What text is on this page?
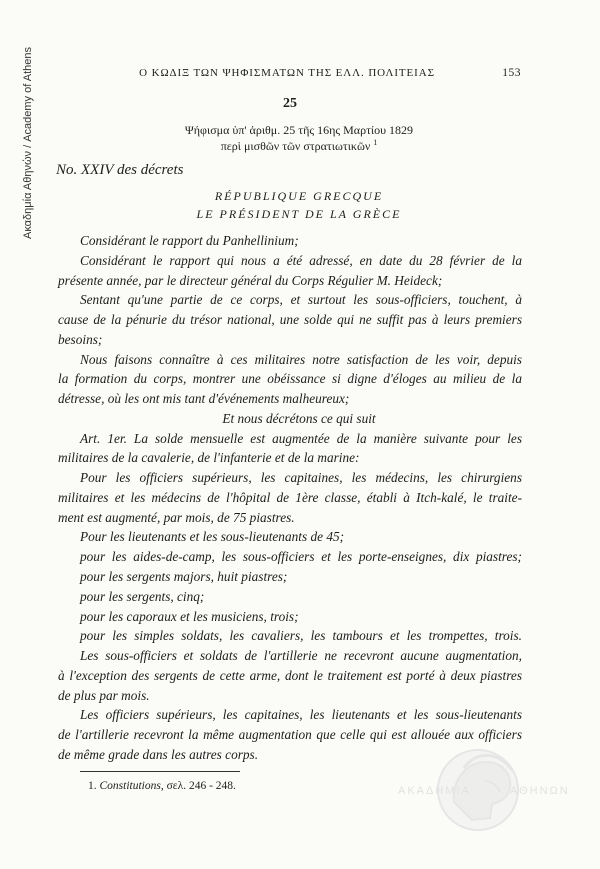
Ακαδημία Αθηνών / Academy of Athens	Ο ΚΩΔΙΞ ΤΩΝ ΨΗΦΙΣΜΑΤΩΝ ΤΗΣ ΕΛΛ. ΠΟΛΙΤΕΙΑΣ	153
25
Ψήφισμα ὑπ' ἀριθμ. 25 τῆς 16ης Μαρτίου 1829
περὶ μισθῶν τῶν στρατιωτικῶν $^1$
No. XXIV des décrets
RÉPUBLIQUE GRECQUE
LE PRÉSIDENT DE LA GRÈCE
Considérant le rapport du Panhellinium;
Considérant le rapport qui nous a été adressé, en date du 28 février de la
présente année, par le directeur général du Corps Régulier M. Heideck;
Sentant qu'une partie de ce corps, et surtout les sous-officiers, touchent, à
cause de la pénurie du trésor national, une solde qui ne suffit pas à leurs premiers
besoins;
Nous faisons connaître à ces militaires notre satisfaction de les voir, depuis
la formation du corps, montrer une obéissance si digne d'éloges au milieu de la
détresse, où les ont mis tant d'événements malheureux;
Et nous décrétons ce qui suit
Art. 1er. La solde mensuelle est augmentée de la manière suivante pour les
militaires de la cavalerie, de l'infanterie et de la marine:
Pour les officiers supérieurs, les capitaines, les médecins, les chirurgiens
militaires et les médecins de l'hôpital de 1ère classe, établi à Itch-kalé, le traite-
ment est augmenté, par mois, de 75 piastres.
Pour les lieutenants et les sous-lieutenants de 45;
pour les aides-de-camp, les sous-officiers et les porte-enseignes, dix piastres;
pour les sergents majors, huit piastres;
pour les sergents, cinq;
pour les caporaux et les musiciens, trois;
pour les simples soldats, les cavaliers, les tambours et les trompettes, trois.
Les sous-officiers et soldats de l'artillerie ne recevront aucune augmentation,
à l'exception des sergents de cette arme, dont le traitement est porté à deux piastres
de plus par mois.
Les officiers supérieurs, les capitaines, les lieutenants et les sous-lieutenants
de l'artillerie recevront la même augmentation que celle qui est allouée aux officiers
de même grade dans les autres corps.
1. Constitutions, σελ. 246 - 248.	ΑΚΑΔΗΜΙΑ	ΑΘΗΝΩΝ
